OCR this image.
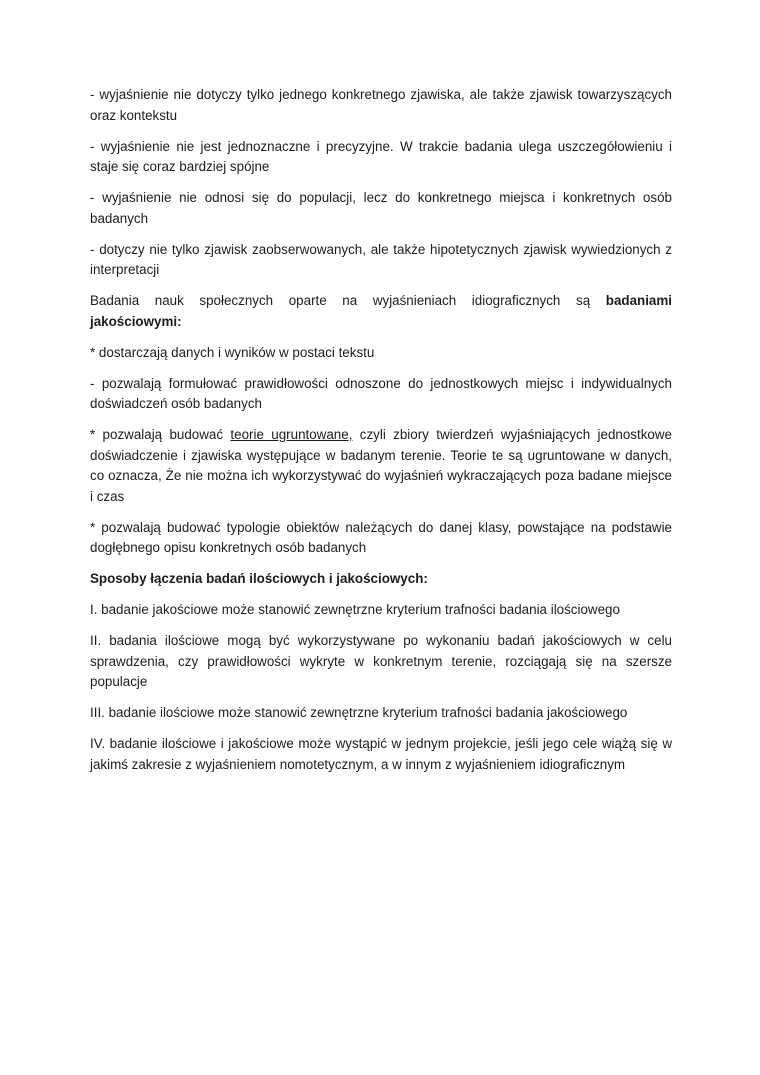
- wyjaśnienie nie dotyczy tylko jednego konkretnego zjawiska, ale także zjawisk towarzyszących oraz kontekstu

- wyjaśnienie nie jest jednoznaczne i precyzyjne. W trakcie badania ulega uszczegółowieniu i staje się coraz bardziej spójne

- wyjaśnienie nie odnosi się do populacji, lecz do konkretnego miejsca i konkretnych osób badanych

- dotyczy nie tylko zjawisk zaobserwowanych, ale także hipotetycznych zjawisk wywiedzionych z interpretacji

Badania nauk społecznych oparte na wyjaśnieniach idiograficznych są badaniami jakościowymi:

* dostarczają danych i wyników w postaci tekstu

- pozwalają formułować prawidłowości odnoszone do jednostkowych miejsc i indywidualnych doświadczeń osób badanych

* pozwalają budować teorie ugruntowane, czyli zbiory twierdzeń wyjaśniających jednostkowe doświadczenie i zjawiska występujące w badanym terenie. Teorie te są ugruntowane w danych, co oznacza, Że nie można ich wykorzystywać do wyjaśnień wykraczających poza badane miejsce i czas

* pozwalają budować typologie obiektów należących do danej klasy, powstające na podstawie dogłębnego opisu konkretnych osób badanych

Sposoby łączenia badań ilościowych i jakościowych:

I. badanie jakościowe może stanowić zewnętrzne kryterium trafności badania ilościowego

II. badania ilościowe mogą być wykorzystywane po wykonaniu badań jakościowych w celu sprawdzenia, czy prawidłowości wykryte w konkretnym terenie, rozciągają się na szersze populacje

III. badanie ilościowe może stanowić zewnętrzne kryterium trafności badania jakościowego

IV. badanie ilościowe i jakościowe może wystąpić w jednym projekcie, jeśli jego cele wiążą się w jakimś zakresie z wyjaśnieniem nomotetycznym, a w innym z wyjaśnieniem idiograficznym
